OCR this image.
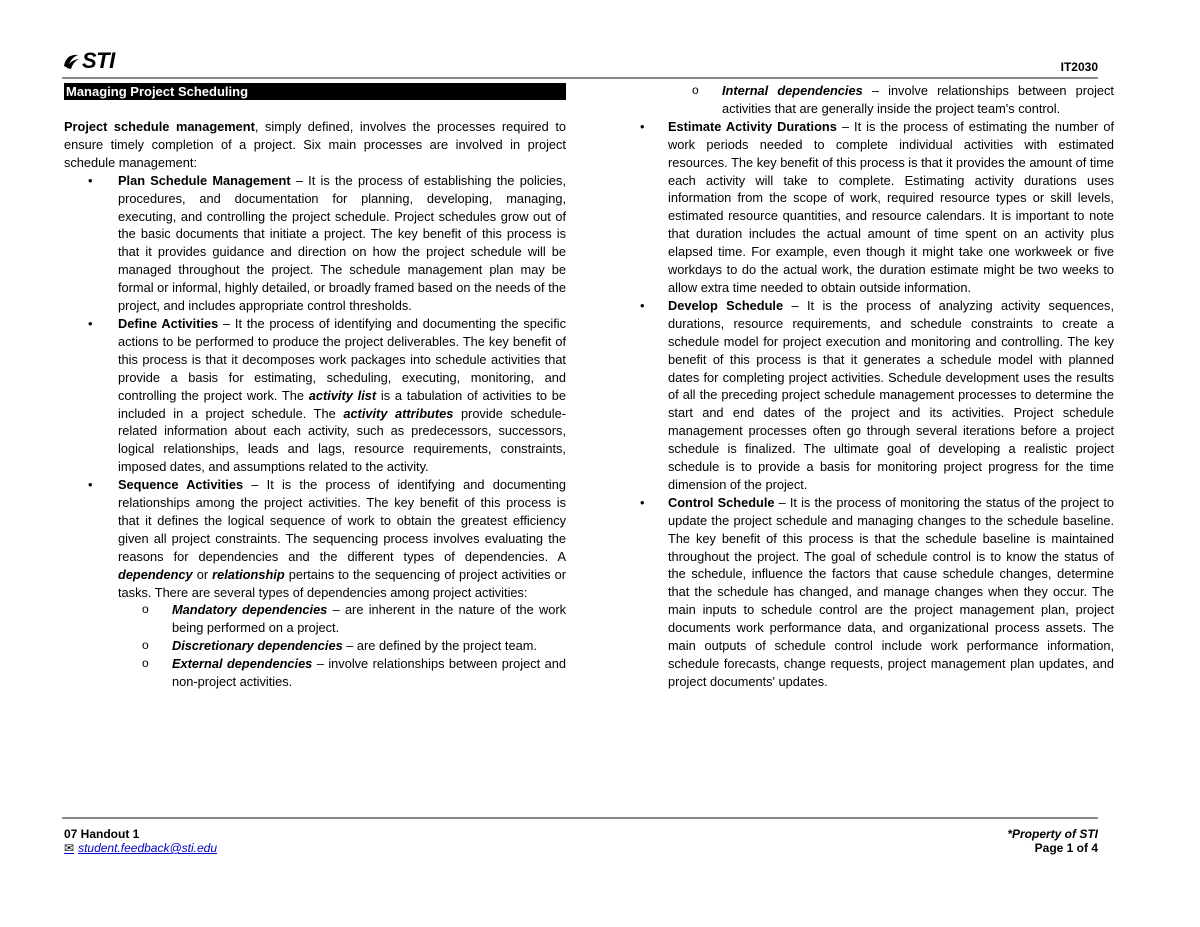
STI	IT2030
Managing Project Scheduling

Project schedule management, simply defined, involves the processes required to ensure timely completion of a project. Six main processes are involved in project schedule management:

• Plan Schedule Management – It is the process of establishing the policies, procedures, and documentation for planning, developing, managing, executing, and controlling the project schedule. Project schedules grow out of the basic documents that initiate a project. The key benefit of this process is that it provides guidance and direction on how the project schedule will be managed throughout the project. The schedule management plan may be formal or informal, highly detailed, or broadly framed based on the needs of the project, and includes appropriate control thresholds.
• Define Activities – It the process of identifying and documenting the specific actions to be performed to produce the project deliverables. The key benefit of this process is that it decomposes work packages into schedule activities that provide a basis for estimating, scheduling, executing, monitoring, and controlling the project work. The activity list is a tabulation of activities to be included in a project schedule. The activity attributes provide schedule-related information about each activity, such as predecessors, successors, logical relationships, leads and lags, resource requirements, constraints, imposed dates, and assumptions related to the activity.
• Sequence Activities – It is the process of identifying and documenting relationships among the project activities. The key benefit of this process is that it defines the logical sequence of work to obtain the greatest efficiency given all project constraints. The sequencing process involves evaluating the reasons for dependencies and the different types of dependencies. A dependency or relationship pertains to the sequencing of project activities or tasks. There are several types of dependencies among project activities:
o Mandatory dependencies – are inherent in the nature of the work being performed on a project.
o Discretionary dependencies – are defined by the project team.
o External dependencies – involve relationships between project and non-project activities.
o Internal dependencies – involve relationships between project activities that are generally inside the project team's control.
• Estimate Activity Durations – It is the process of estimating the number of work periods needed to complete individual activities with estimated resources. The key benefit of this process is that it provides the amount of time each activity will take to complete. Estimating activity durations uses information from the scope of work, required resource types or skill levels, estimated resource quantities, and resource calendars. It is important to note that duration includes the actual amount of time spent on an activity plus elapsed time. For example, even though it might take one workweek or five workdays to do the actual work, the duration estimate might be two weeks to allow extra time needed to obtain outside information.
• Develop Schedule – It is the process of analyzing activity sequences, durations, resource requirements, and schedule constraints to create a schedule model for project execution and monitoring and controlling. The key benefit of this process is that it generates a schedule model with planned dates for completing project activities. Schedule development uses the results of all the preceding project schedule management processes to determine the start and end dates of the project and its activities. Project schedule management processes often go through several iterations before a project schedule is finalized. The ultimate goal of developing a realistic project schedule is to provide a basis for monitoring project progress for the time dimension of the project.
• Control Schedule – It is the process of monitoring the status of the project to update the project schedule and managing changes to the schedule baseline. The key benefit of this process is that the schedule baseline is maintained throughout the project. The goal of schedule control is to know the status of the schedule, influence the factors that cause schedule changes, determine that the schedule has changed, and manage changes when they occur. The main inputs to schedule control are the project management plan, project documents work performance data, and organizational process assets. The main outputs of schedule control include work performance information, schedule forecasts, change requests, project management plan updates, and project documents' updates.
07 Handout 1
✉ student.feedback@sti.edu
*Property of STI
Page 1 of 4
